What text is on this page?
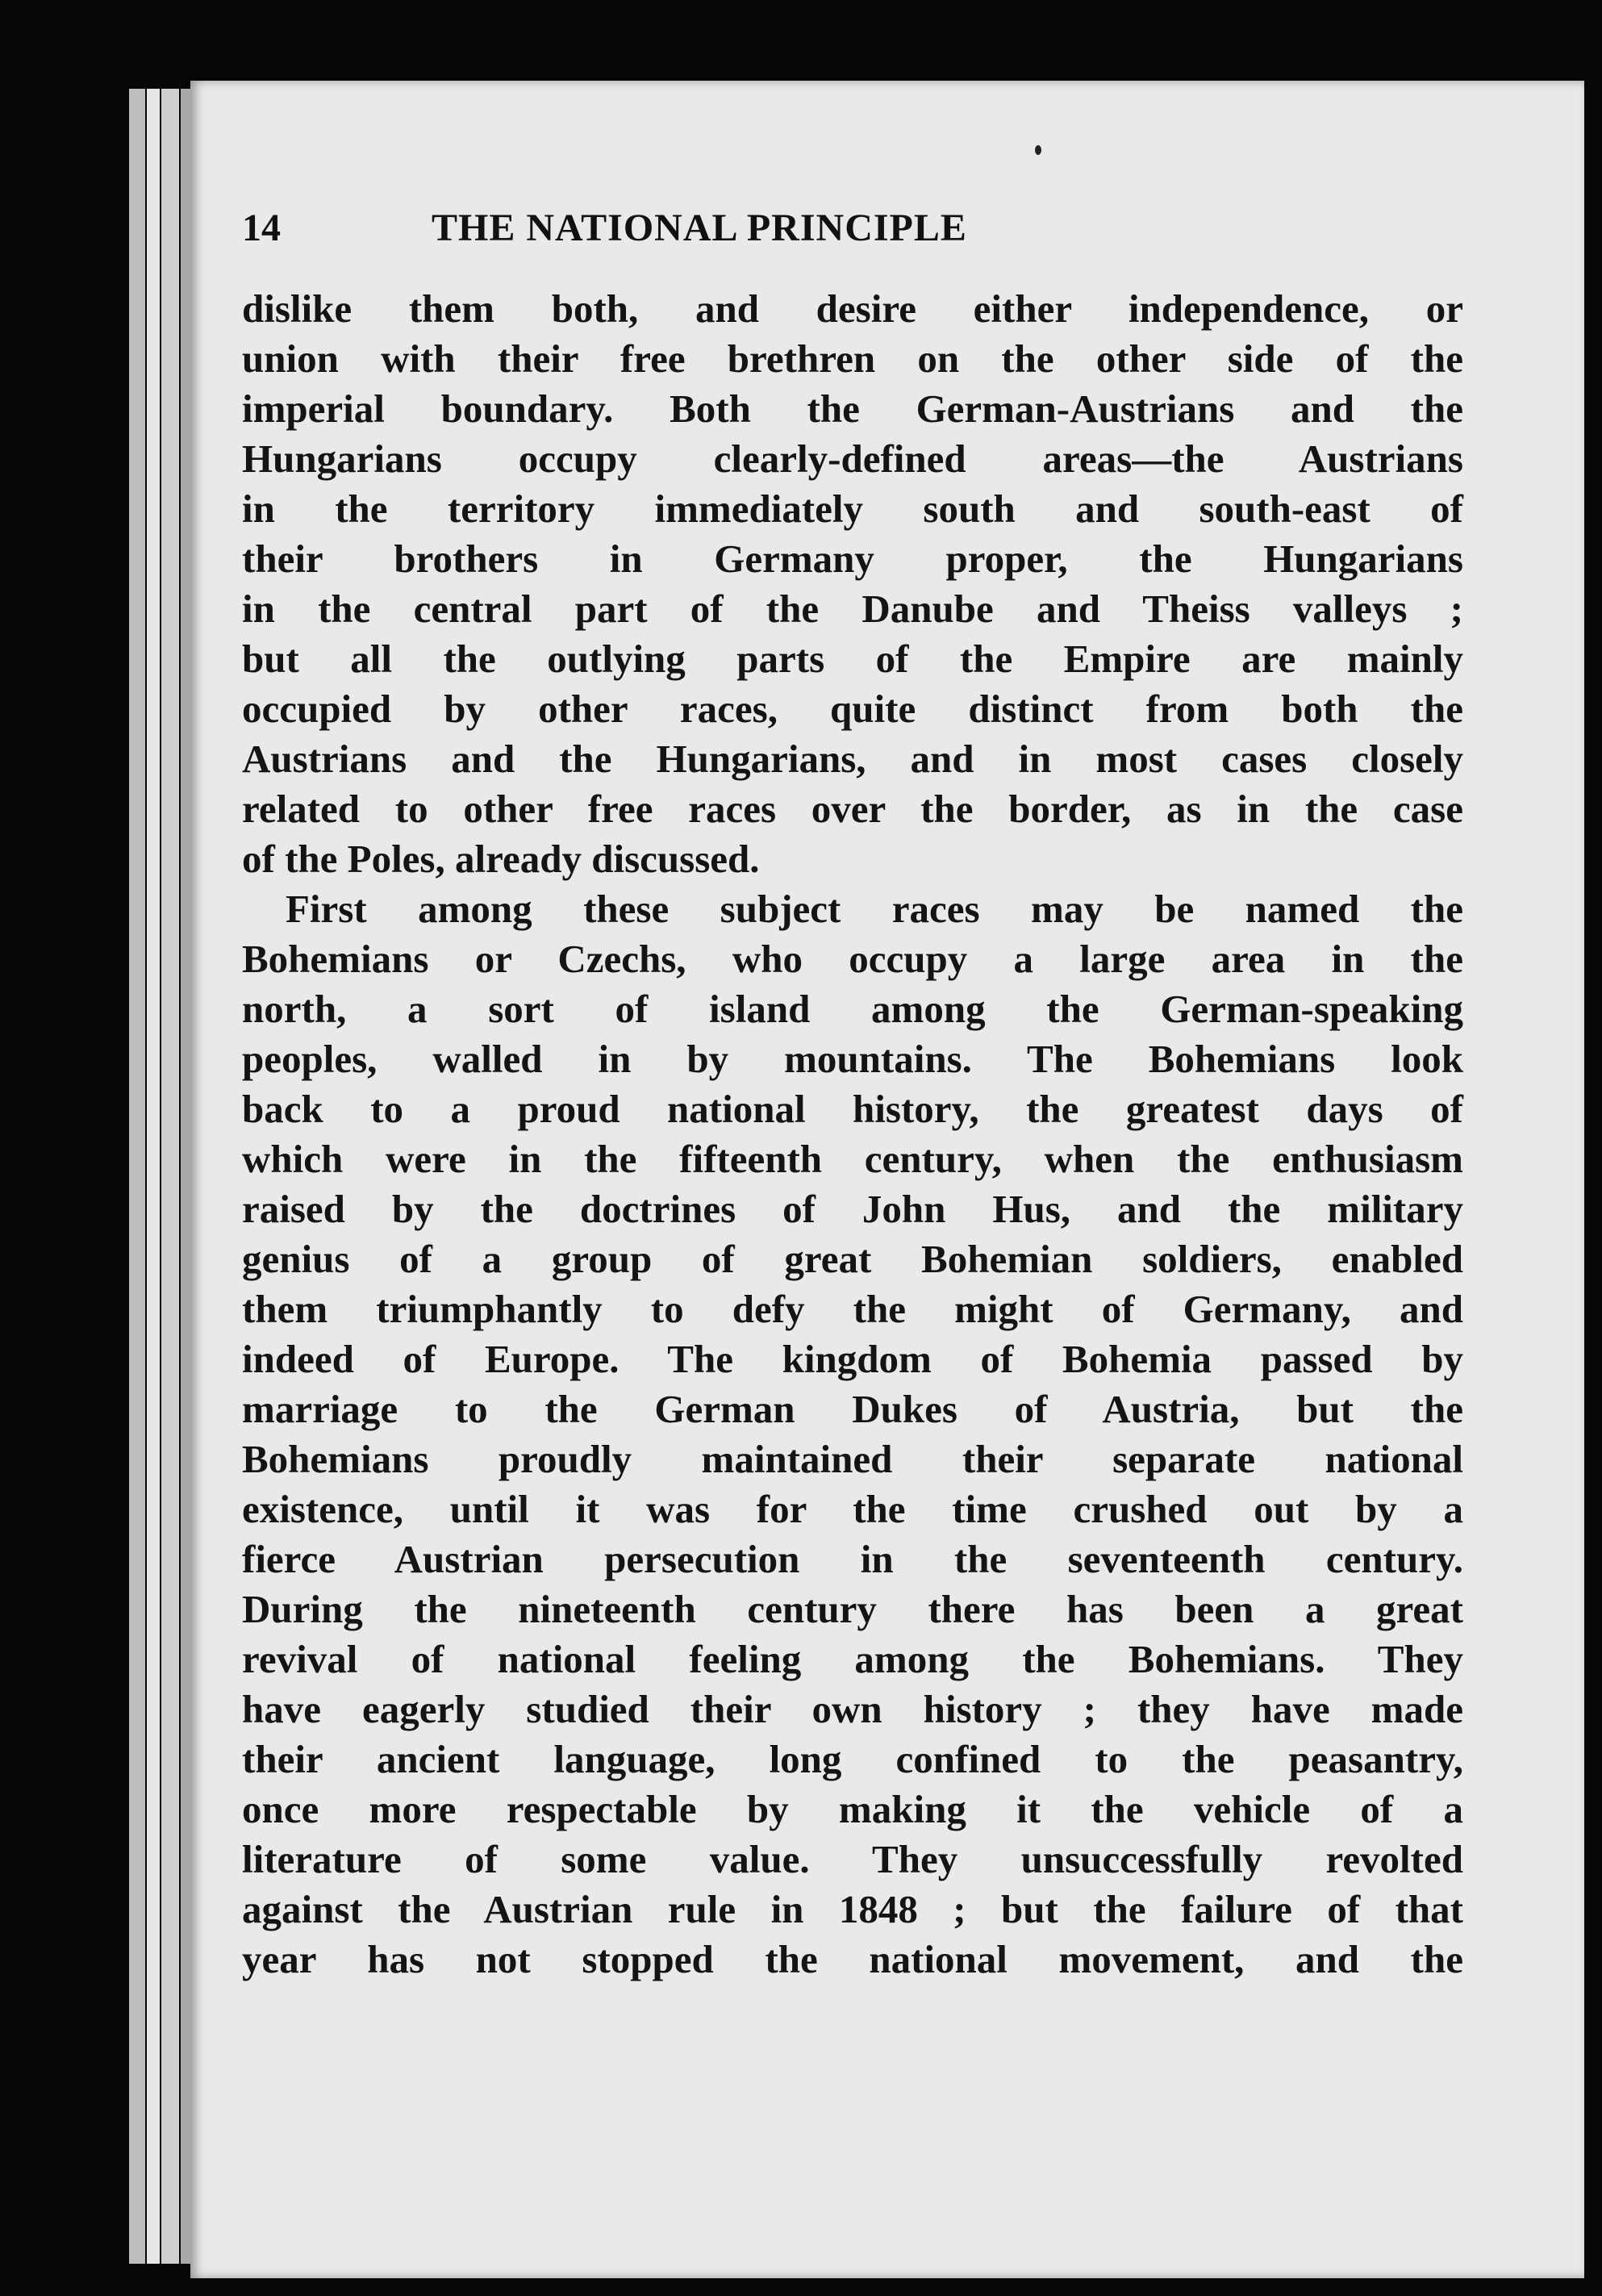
14	THE NATIONAL PRINCIPLE
dislike them both, and desire either independence, or
union with their free brethren on the other side of the
imperial boundary. Both the German-Austrians and the
Hungarians occupy clearly-defined areas—the Austrians
in the territory immediately south and south-east of
their brothers in Germany proper, the Hungarians
in the central part of the Danube and Theiss valleys ;
but all the outlying parts of the Empire are mainly
occupied by other races, quite distinct from both the
Austrians and the Hungarians, and in most cases closely
related to other free races over the border, as in the case
of the Poles, already discussed.
First among these subject races may be named the
Bohemians or Czechs, who occupy a large area in the
north, a sort of island among the German-speaking
peoples, walled in by mountains. The Bohemians look
back to a proud national history, the greatest days of
which were in the fifteenth century, when the enthusiasm
raised by the doctrines of John Hus, and the military
genius of a group of great Bohemian soldiers, enabled
them triumphantly to defy the might of Germany, and
indeed of Europe. The kingdom of Bohemia passed by
marriage to the German Dukes of Austria, but the
Bohemians proudly maintained their separate national
existence, until it was for the time crushed out by a
fierce Austrian persecution in the seventeenth century.
During the nineteenth century there has been a great
revival of national feeling among the Bohemians. They
have eagerly studied their own history ; they have made
their ancient language, long confined to the peasantry,
once more respectable by making it the vehicle of a
literature of some value. They unsuccessfully revolted
against the Austrian rule in 1848 ; but the failure of that
year has not stopped the national movement, and the
